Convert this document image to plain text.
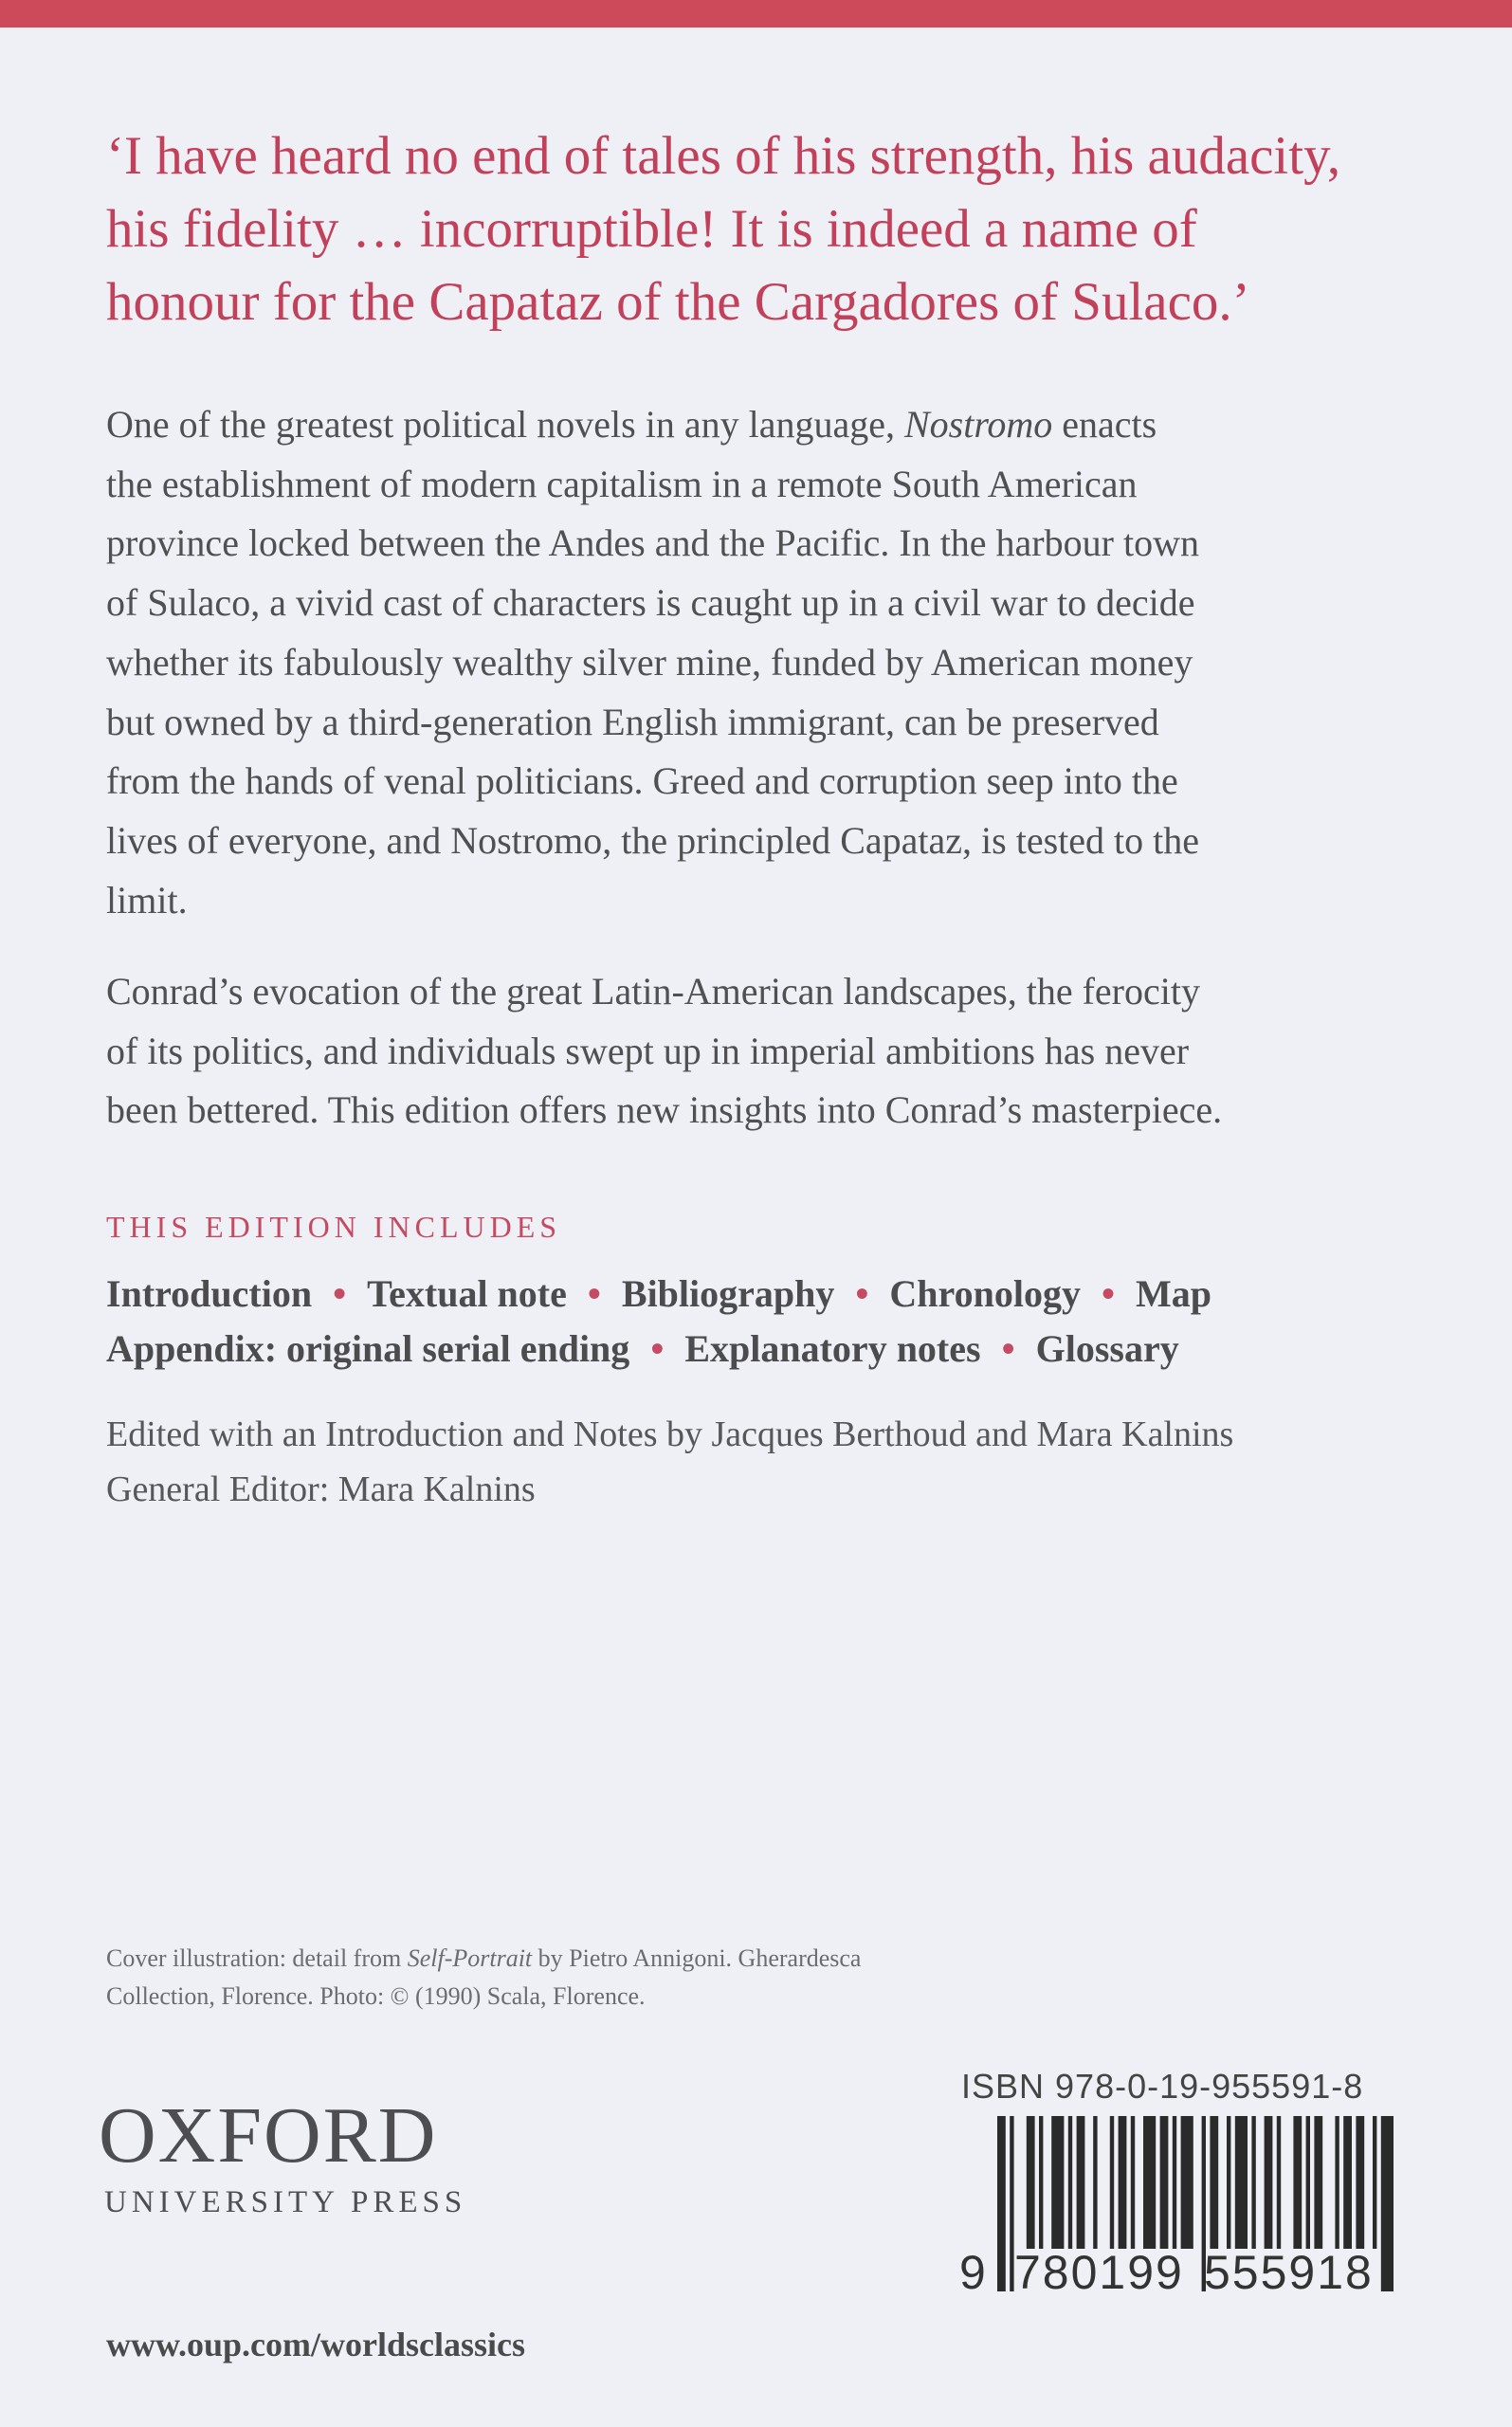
‘I have heard no end of tales of his strength, his audacity,
his fidelity … incorruptible! It is indeed a name of
honour for the Capataz of the Cargadores of Sulaco.’
One of the greatest political novels in any language, Nostromo enacts
the establishment of modern capitalism in a remote South American
province locked between the Andes and the Pacific. In the harbour town
of Sulaco, a vivid cast of characters is caught up in a civil war to decide
whether its fabulously wealthy silver mine, funded by American money
but owned by a third-generation English immigrant, can be preserved
from the hands of venal politicians. Greed and corruption seep into the
lives of everyone, and Nostromo, the principled Capataz, is tested to the
limit.
Conrad’s evocation of the great Latin-American landscapes, the ferocity
of its politics, and individuals swept up in imperial ambitions has never
been bettered. This edition offers new insights into Conrad’s masterpiece.
THIS EDITION INCLUDES
Introduction • Textual note • Bibliography • Chronology • Map
Appendix: original serial ending • Explanatory notes • Glossary
Edited with an Introduction and Notes by Jacques Berthoud and Mara Kalnins
General Editor: Mara Kalnins
Cover illustration: detail from Self-Portrait by Pietro Annigoni. Gherardesca
Collection, Florence. Photo: © (1990) Scala, Florence.
OXFORD
UNIVERSITY PRESS
www.oup.com/worldsclassics
ISBN 978-0-19-955591-8
9 780199 555918
